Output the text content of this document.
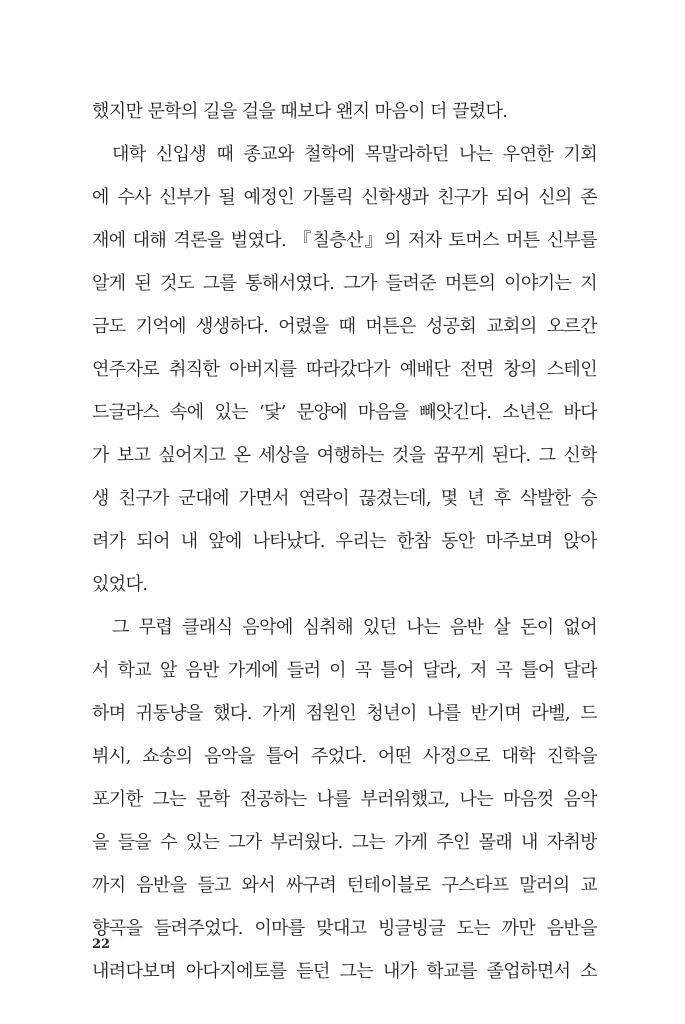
했지만 문학의 길을 걸을 때보다 왠지 마음이 더 끌렸다.
대학 신입생 때 종교와 철학에 목말라하던 나는 우연한 기회
에 수사 신부가 될 예정인 가톨릭 신학생과 친구가 되어 신의 존
재에 대해 격론을 벌였다. 『칠층산』의 저자 토머스 머튼 신부를
알게 된 것도 그를 통해서였다. 그가 들려준 머튼의 이야기는 지
금도 기억에 생생하다. 어렸을 때 머튼은 성공회 교회의 오르간
연주자로 취직한 아버지를 따라갔다가 예배단 전면 창의 스테인
드글라스 속에 있는 ‘닻’ 문양에 마음을 빼앗긴다. 소년은 바다
가 보고 싶어지고 온 세상을 여행하는 것을 꿈꾸게 된다. 그 신학
생 친구가 군대에 가면서 연락이 끊겼는데, 몇 년 후 삭발한 승
려가 되어 내 앞에 나타났다. 우리는 한참 동안 마주보며 앉아
있었다.
그 무렵 클래식 음악에 심취해 있던 나는 음반 살 돈이 없어
서 학교 앞 음반 가게에 들러 이 곡 틀어 달라, 저 곡 틀어 달라
하며 귀동냥을 했다. 가게 점원인 청년이 나를 반기며 라벨, 드
뷔시, 쇼송의 음악을 틀어 주었다. 어떤 사정으로 대학 진학을
포기한 그는 문학 전공하는 나를 부러워했고, 나는 마음껏 음악
을 들을 수 있는 그가 부러웠다. 그는 가게 주인 몰래 내 자취방
까지 음반을 들고 와서 싸구려 턴테이블로 구스타프 말러의 교
향곡을 들려주었다. 이마를 맞대고 빙글빙글 도는 까만 음반을
내려다보며 아다지에토를 듣던 그는 내가 학교를 졸업하면서 소
22
